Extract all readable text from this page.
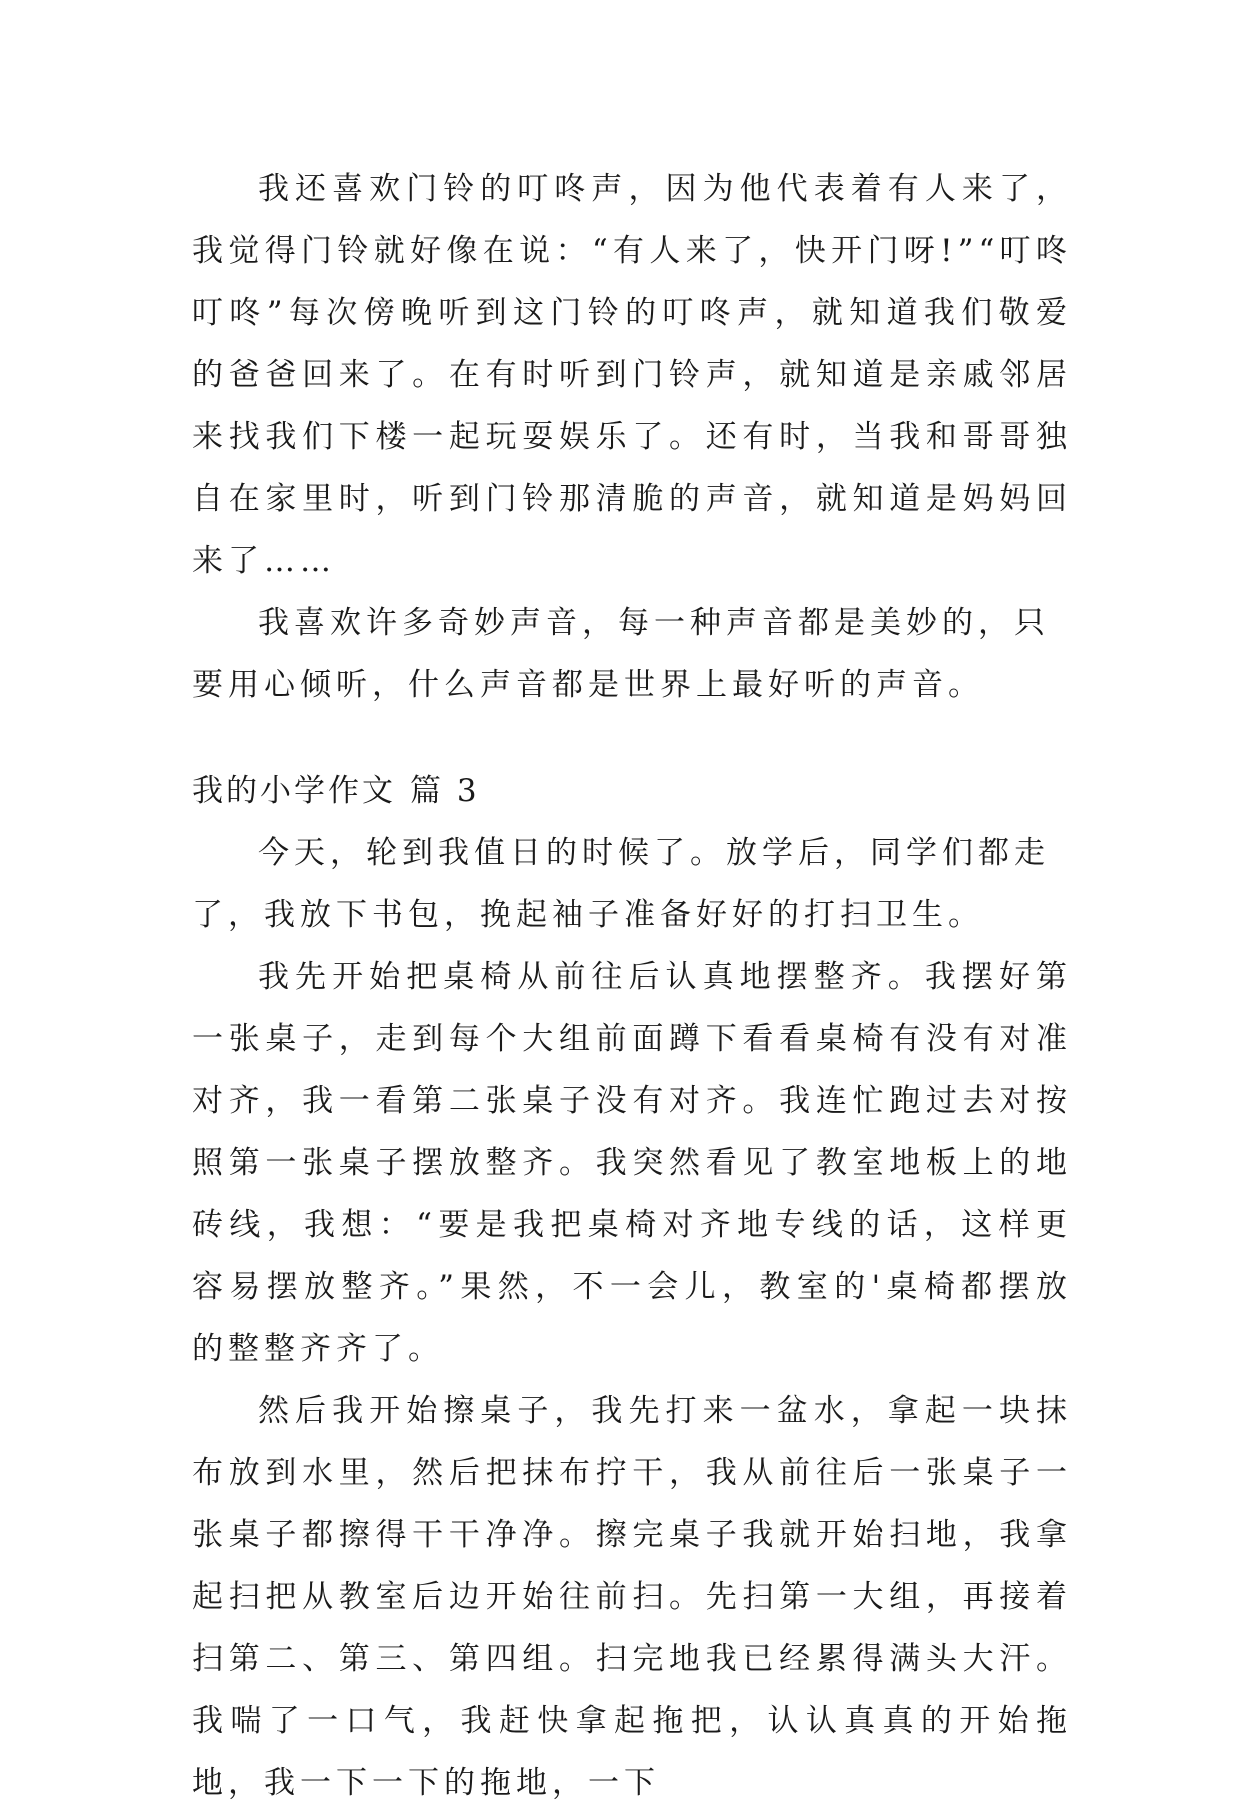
我还喜欢门铃的叮咚声，因为他代表着有人来了，我觉得门铃就好像在说：“有人来了，快开门呀!”“叮咚叮咚”每次傍晚听到这门铃的叮咚声，就知道我们敬爱的爸爸回来了。在有时听到门铃声，就知道是亲戚邻居来找我们下楼一起玩耍娱乐了。还有时，当我和哥哥独自在家里时，听到门铃那清脆的声音，就知道是妈妈回来了……

我喜欢许多奇妙声音，每一种声音都是美妙的，只要用心倾听，什么声音都是世界上最好听的声音。

我的小学作文 篇 3

今天，轮到我值日的时候了。放学后，同学们都走了，我放下书包，挽起袖子准备好好的打扫卫生。

我先开始把桌椅从前往后认真地摆整齐。我摆好第一张桌子，走到每个大组前面蹲下看看桌椅有没有对准对齐，我一看第二张桌子没有对齐。我连忙跑过去对按照第一张桌子摆放整齐。我突然看见了教室地板上的地砖线，我想：“要是我把桌椅对齐地专线的话，这样更容易摆放整齐。”果然，不一会儿，教室的'桌椅都摆放的整整齐齐了。

然后我开始擦桌子，我先打来一盆水，拿起一块抹布放到水里，然后把抹布拧干，我从前往后一张桌子一张桌子都擦得干干净净。擦完桌子我就开始扫地，我拿起扫把从教室后边开始往前扫。先扫第一大组，再接着扫第二、第三、第四组。扫完地我已经累得满头大汗。我喘了一口气，我赶快拿起拖把，认认真真的开始拖地，我一下一下的拖地，一下
